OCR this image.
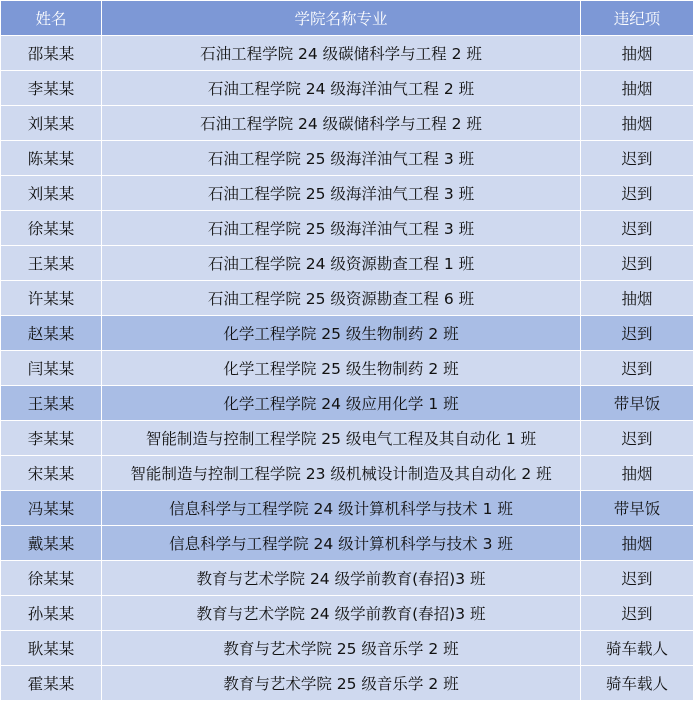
姓名	学院名称专业	违纪项
邵某某	石油工程学院 24 级碳储科学与工程 2 班	抽烟
李某某	石油工程学院 24 级海洋油气工程 2 班	抽烟
刘某某	石油工程学院 24 级碳储科学与工程 2 班	抽烟
陈某某	石油工程学院 25 级海洋油气工程 3 班	迟到
刘某某	石油工程学院 25 级海洋油气工程 3 班	迟到
徐某某	石油工程学院 25 级海洋油气工程 3 班	迟到
王某某	石油工程学院 24 级资源勘查工程 1 班	迟到
许某某	石油工程学院 25 级资源勘查工程 6 班	抽烟
赵某某	化学工程学院 25 级生物制药 2 班	迟到
闫某某	化学工程学院 25 级生物制药 2 班	迟到
王某某	化学工程学院 24 级应用化学 1 班	带早饭
李某某	智能制造与控制工程学院 25 级电气工程及其自动化 1 班	迟到
宋某某	智能制造与控制工程学院 23 级机械设计制造及其自动化 2 班	抽烟
冯某某	信息科学与工程学院 24 级计算机科学与技术 1 班	带早饭
戴某某	信息科学与工程学院 24 级计算机科学与技术 3 班	抽烟
徐某某	教育与艺术学院 24 级学前教育(春招)3 班	迟到
孙某某	教育与艺术学院 24 级学前教育(春招)3 班	迟到
耿某某	教育与艺术学院 25 级音乐学 2 班	骑车载人
霍某某	教育与艺术学院 25 级音乐学 2 班	骑车载人
